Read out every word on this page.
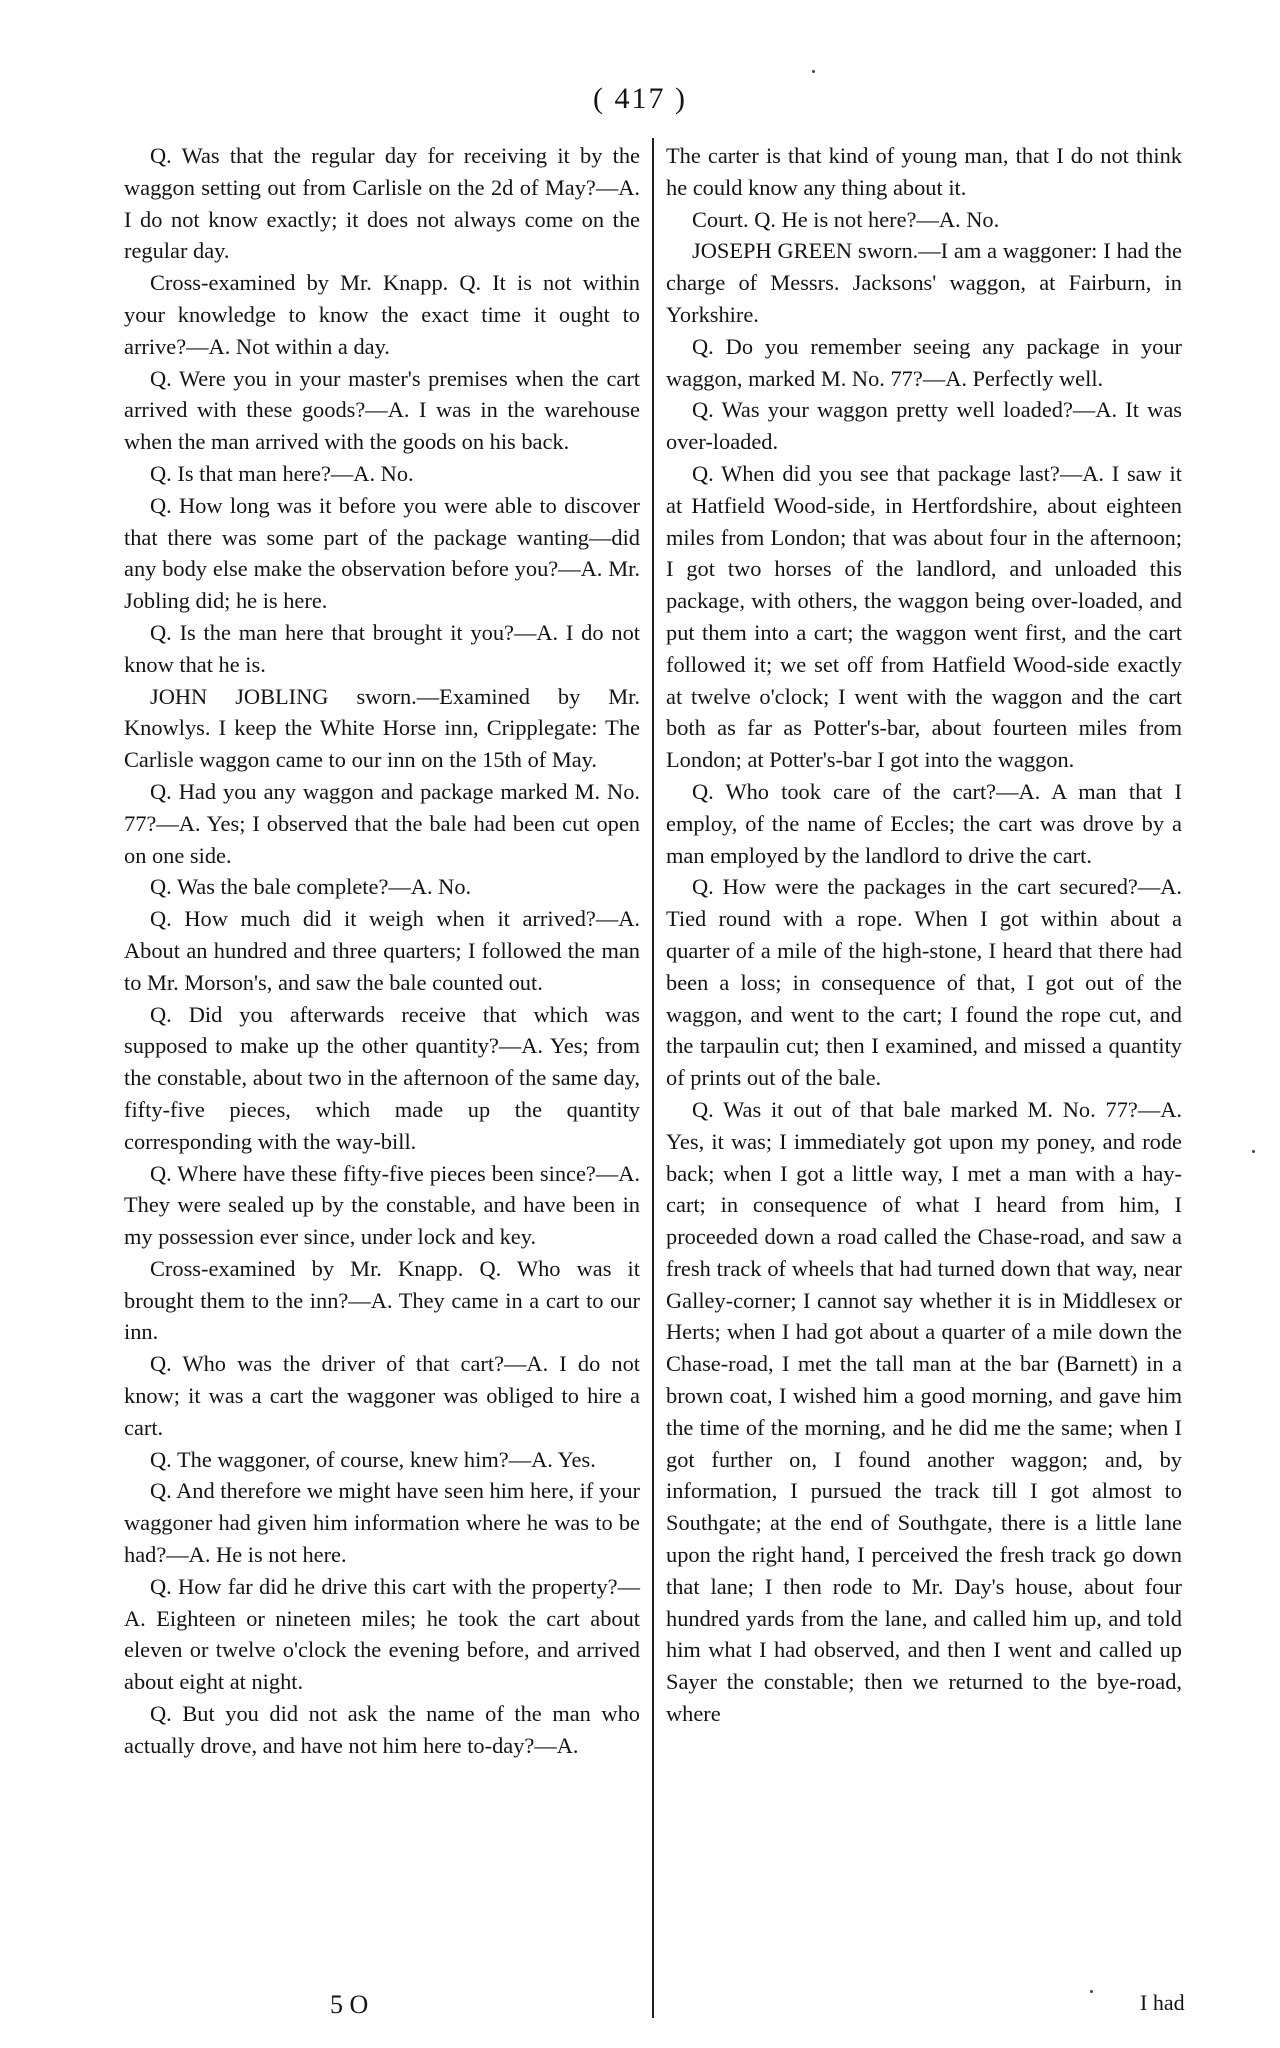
( 417 )

Q. Was that the regular day for receiving it by the waggon setting out from Carlisle on the 2d of May?—A. I do not know exactly; it does not always come on the regular day.

Cross-examined by Mr. Knapp. Q. It is not within your knowledge to know the exact time it ought to arrive?—A. Not within a day.

Q. Were you in your master's premises when the cart arrived with these goods?—A. I was in the warehouse when the man arrived with the goods on his back.

Q. Is that man here?—A. No.

Q. How long was it before you were able to discover that there was some part of the package wanting—did any body else make the observation before you?—A. Mr. Jobling did; he is here.

Q. Is the man here that brought it you?—A. I do not know that he is.

JOHN JOBLING sworn.—Examined by Mr. Knowlys. I keep the White Horse inn, Cripplegate: The Carlisle waggon came to our inn on the 15th of May.

Q. Had you any waggon and package marked M. No. 77?—A. Yes; I observed that the bale had been cut open on one side.

Q. Was the bale complete?—A. No.

Q. How much did it weigh when it arrived?—A. About an hundred and three quarters; I followed the man to Mr. Morson's, and saw the bale counted out.

Q. Did you afterwards receive that which was supposed to make up the other quantity?—A. Yes; from the constable, about two in the afternoon of the same day, fifty-five pieces, which made up the quantity corresponding with the way-bill.

Q. Where have these fifty-five pieces been since?—A. They were sealed up by the constable, and have been in my possession ever since, under lock and key.

Cross-examined by Mr. Knapp. Q. Who was it brought them to the inn?—A. They came in a cart to our inn.

Q. Who was the driver of that cart?—A. I do not know; it was a cart the waggoner was obliged to hire a cart.

Q. The waggoner, of course, knew him?—A. Yes.

Q. And therefore we might have seen him here, if your waggoner had given him information where he was to be had?—A. He is not here.

Q. How far did he drive this cart with the property?—A. Eighteen or nineteen miles; he took the cart about eleven or twelve o'clock the evening before, and arrived about eight at night.

Q. But you did not ask the name of the man who actually drove, and have not him here to-day?—A.

The carter is that kind of young man, that I do not think he could know any thing about it.

Court. Q. He is not here?—A. No.

JOSEPH GREEN sworn.—I am a waggoner: I had the charge of Messrs. Jacksons' waggon, at Fairburn, in Yorkshire.

Q. Do you remember seeing any package in your waggon, marked M. No. 77?—A. Perfectly well.

Q. Was your waggon pretty well loaded?—A. It was over-loaded.

Q. When did you see that package last?—A. I saw it at Hatfield Wood-side, in Hertfordshire, about eighteen miles from London; that was about four in the afternoon; I got two horses of the landlord, and unloaded this package, with others, the waggon being over-loaded, and put them into a cart; the waggon went first, and the cart followed it; we set off from Hatfield Wood-side exactly at twelve o'clock; I went with the waggon and the cart both as far as Potter's-bar, about fourteen miles from London; at Potter's-bar I got into the waggon.

Q. Who took care of the cart?—A. A man that I employ, of the name of Eccles; the cart was drove by a man employed by the landlord to drive the cart.

Q. How were the packages in the cart secured?—A. Tied round with a rope. When I got within about a quarter of a mile of the high-stone, I heard that there had been a loss; in consequence of that, I got out of the waggon, and went to the cart; I found the rope cut, and the tarpaulin cut; then I examined, and missed a quantity of prints out of the bale.

Q. Was it out of that bale marked M. No. 77?—A. Yes, it was; I immediately got upon my poney, and rode back; when I got a little way, I met a man with a hay-cart; in consequence of what I heard from him, I proceeded down a road called the Chase-road, and saw a fresh track of wheels that had turned down that way, near Galley-corner; I cannot say whether it is in Middlesex or Herts; when I had got about a quarter of a mile down the Chase-road, I met the tall man at the bar (Barnett) in a brown coat, I wished him a good morning, and gave him the time of the morning, and he did me the same; when I got further on, I found another waggon; and, by information, I pursued the track till I got almost to Southgate; at the end of Southgate, there is a little lane upon the right hand, I perceived the fresh track go down that lane; I then rode to Mr. Day's house, about four hundred yards from the lane, and called him up, and told him what I had observed, and then I went and called up Sayer the constable; then we returned to the bye-road, where

5 O	I had
